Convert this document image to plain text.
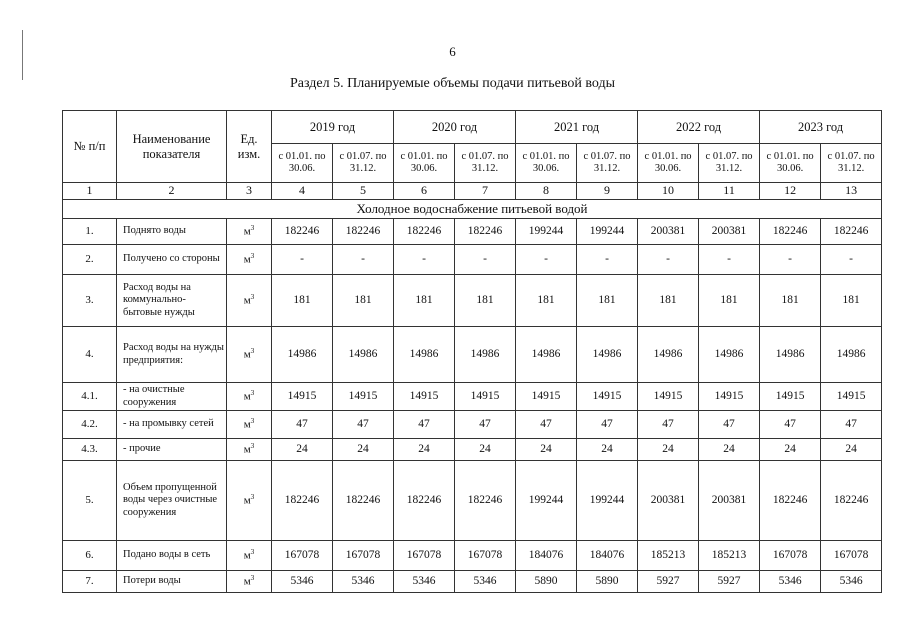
6
Раздел 5. Планируемые объемы подачи питьевой воды
№ п/п	Наименование показателя	Ед. изм.	2019 год		2020 год		2021 год		2022 год		2023 год	
			с 01.01. по 30.06.	с 01.07. по 31.12.	с 01.01. по 30.06.	с 01.07. по 31.12.	с 01.01. по 30.06.	с 01.07. по 31.12.	с 01.01. по 30.06.	с 01.07. по 31.12.	с 01.01. по 30.06.	с 01.07. по 31.12.
1	2	3	4	5	6	7	8	9	10	11	12	13
Холодное водоснабжение питьевой водой												
1.	Поднято воды	$м^3$	182246	182246	182246	182246	199244	199244	200381	200381	182246	182246
2.	Получено со стороны	$м^3$	-	-	-	-	-	-	-	-	-	-
3.	Расход воды на коммунально-бытовые нужды	$м^3$	181	181	181	181	181	181	181	181	181	181
4.	Расход воды на нужды предприятия:	$м^3$	14986	14986	14986	14986	14986	14986	14986	14986	14986	14986
4.1.	- на очистные сооружения	$м^3$	14915	14915	14915	14915	14915	14915	14915	14915	14915	14915
4.2.	- на промывку сетей	$м^3$	47	47	47	47	47	47	47	47	47	47
4.3.	- прочие	$м^3$	24	24	24	24	24	24	24	24	24	24
5.	Объем пропущенной воды через очистные сооружения	$м^3$	182246	182246	182246	182246	199244	199244	200381	200381	182246	182246
6.	Подано воды в сеть	$м^3$	167078	167078	167078	167078	184076	184076	185213	185213	167078	167078
7.	Потери воды	$м^3$	5346	5346	5346	5346	5890	5890	5927	5927	5346	5346
